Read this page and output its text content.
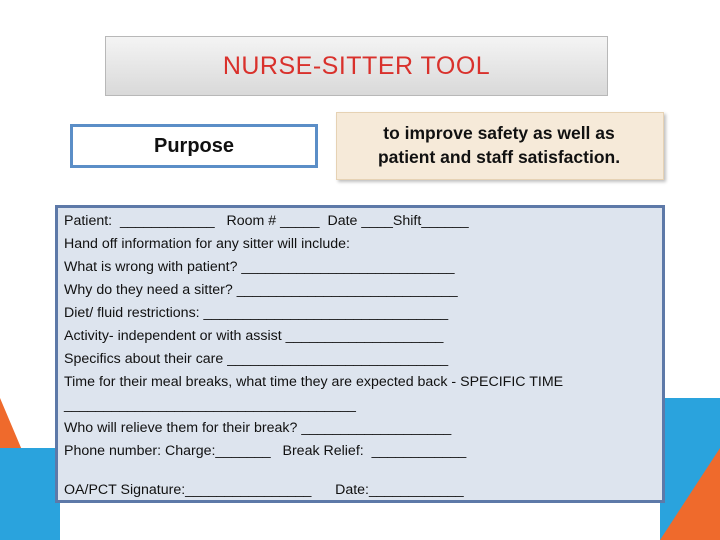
NURSE-SITTER TOOL
Purpose
to improve safety as well as
patient and staff satisfaction.
Patient:  ____________   Room # _____  Date ____Shift______
Hand off information for any sitter will include:
What is wrong with patient? ___________________________
Why do they need a sitter? ____________________________
Diet/ fluid restrictions: _______________________________
Activity- independent or with assist ____________________
Specifics about their care ____________________________
Time for their meal breaks, what time they are expected back - SPECIFIC TIME
_____________________________________
Who will relieve them for their break? ___________________
Phone number: Charge:_______   Break Relief:  ____________
OA/PCT Signature:________________      Date:____________
